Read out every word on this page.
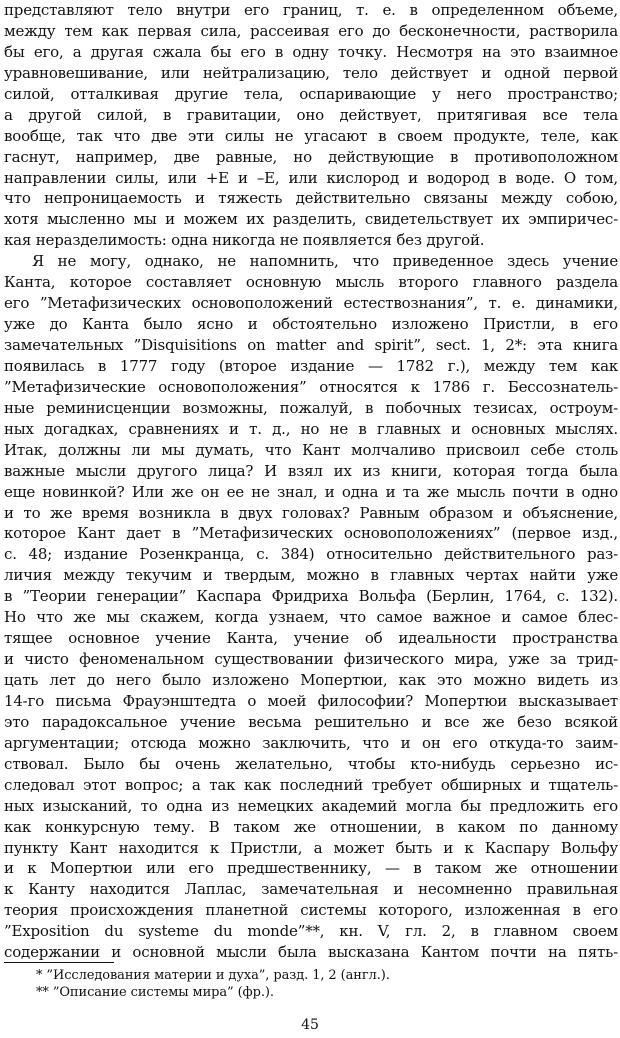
представляют тело внутри его границ, т. е. в определенном объеме,
между тем как первая сила, рассеивая его до бесконечности, растворила
бы его, а другая сжала бы его в одну точку. Несмотря на это взаимное
уравновешивание, или нейтрализацию, тело действует и одной первой
силой, отталкивая другие тела, оспаривающие у него пространство;
а другой силой, в гравитации, оно действует, притягивая все тела
вообще, так что две эти силы не угасают в своем продукте, теле, как
гаснут, например, две равные, но действующие в противоположном
направлении силы, или +Е и –Е, или кислород и водород в воде. О том,
что непроницаемость и тяжесть действительно связаны между собою,
хотя мысленно мы и можем их разделить, свидетельствует их эмпиричес-
кая неразделимость: одна никогда не появляется без другой.
Я не могу, однако, не напомнить, что приведенное здесь учение
Канта, которое составляет основную мысль второго главного раздела
его ”Метафизических основоположений естествознания”, т. е. динамики,
уже до Канта было ясно и обстоятельно изложено Пристли, в его
замечательных ”Disquisitions on matter and spirit”, sect. 1, 2*: эта книга
появилась в 1777 году (второе издание — 1782 г.), между тем как
”Метафизические основоположения” относятся к 1786 г. Бессознатель-
ные реминисценции возможны, пожалуй, в побочных тезисах, остроум-
ных догадках, сравнениях и т. д., но не в главных и основных мыслях.
Итак, должны ли мы думать, что Кант молчаливо присвоил себе столь
важные мысли другого лица? И взял их из книги, которая тогда была
еще новинкой? Или же он ее не знал, и одна и та же мысль почти в одно
и то же время возникла в двух головах? Равным образом и объяснение,
которое Кант дает в ”Метафизических основоположениях” (первое изд.,
с. 48; издание Розенкранца, с. 384) относительно действительного раз-
личия между текучим и твердым, можно в главных чертах найти уже
в ”Теории генерации” Каспара Фридриха Вольфа (Берлин, 1764, с. 132).
Но что же мы скажем, когда узнаем, что самое важное и самое блес-
тящее основное учение Канта, учение об идеальности пространства
и чисто феноменальном существовании физического мира, уже за трид-
цать лет до него было изложено Мопертюи, как это можно видеть из
14-го письма Фрауэнштедта о моей философии? Мопертюи высказывает
это парадоксальное учение весьма решительно и все же безо всякой
аргументации; отсюда можно заключить, что и он его откуда-то заим-
ствовал. Было бы очень желательно, чтобы кто-нибудь серьезно ис-
следовал этот вопрос; а так как последний требует обширных и тщатель-
ных изысканий, то одна из немецких академий могла бы предложить его
как конкурсную тему. В таком же отношении, в каком по данному
пункту Кант находится к Пристли, а может быть и к Каспару Вольфу
и к Мопертюи или его предшественнику, — в таком же отношении
к Канту находится Лаплас, замечательная и несомненно правильная
теория происхождения планетной системы которого, изложенная в его
”Exposition du systeme du monde”**, кн. V, гл. 2, в главном своем
содержании и основной мысли была высказана Кантом почти на пять-
* ”Исследования материи и духа”, разд. 1, 2 (англ.).
** ”Описание системы мира” (фр.).
45
